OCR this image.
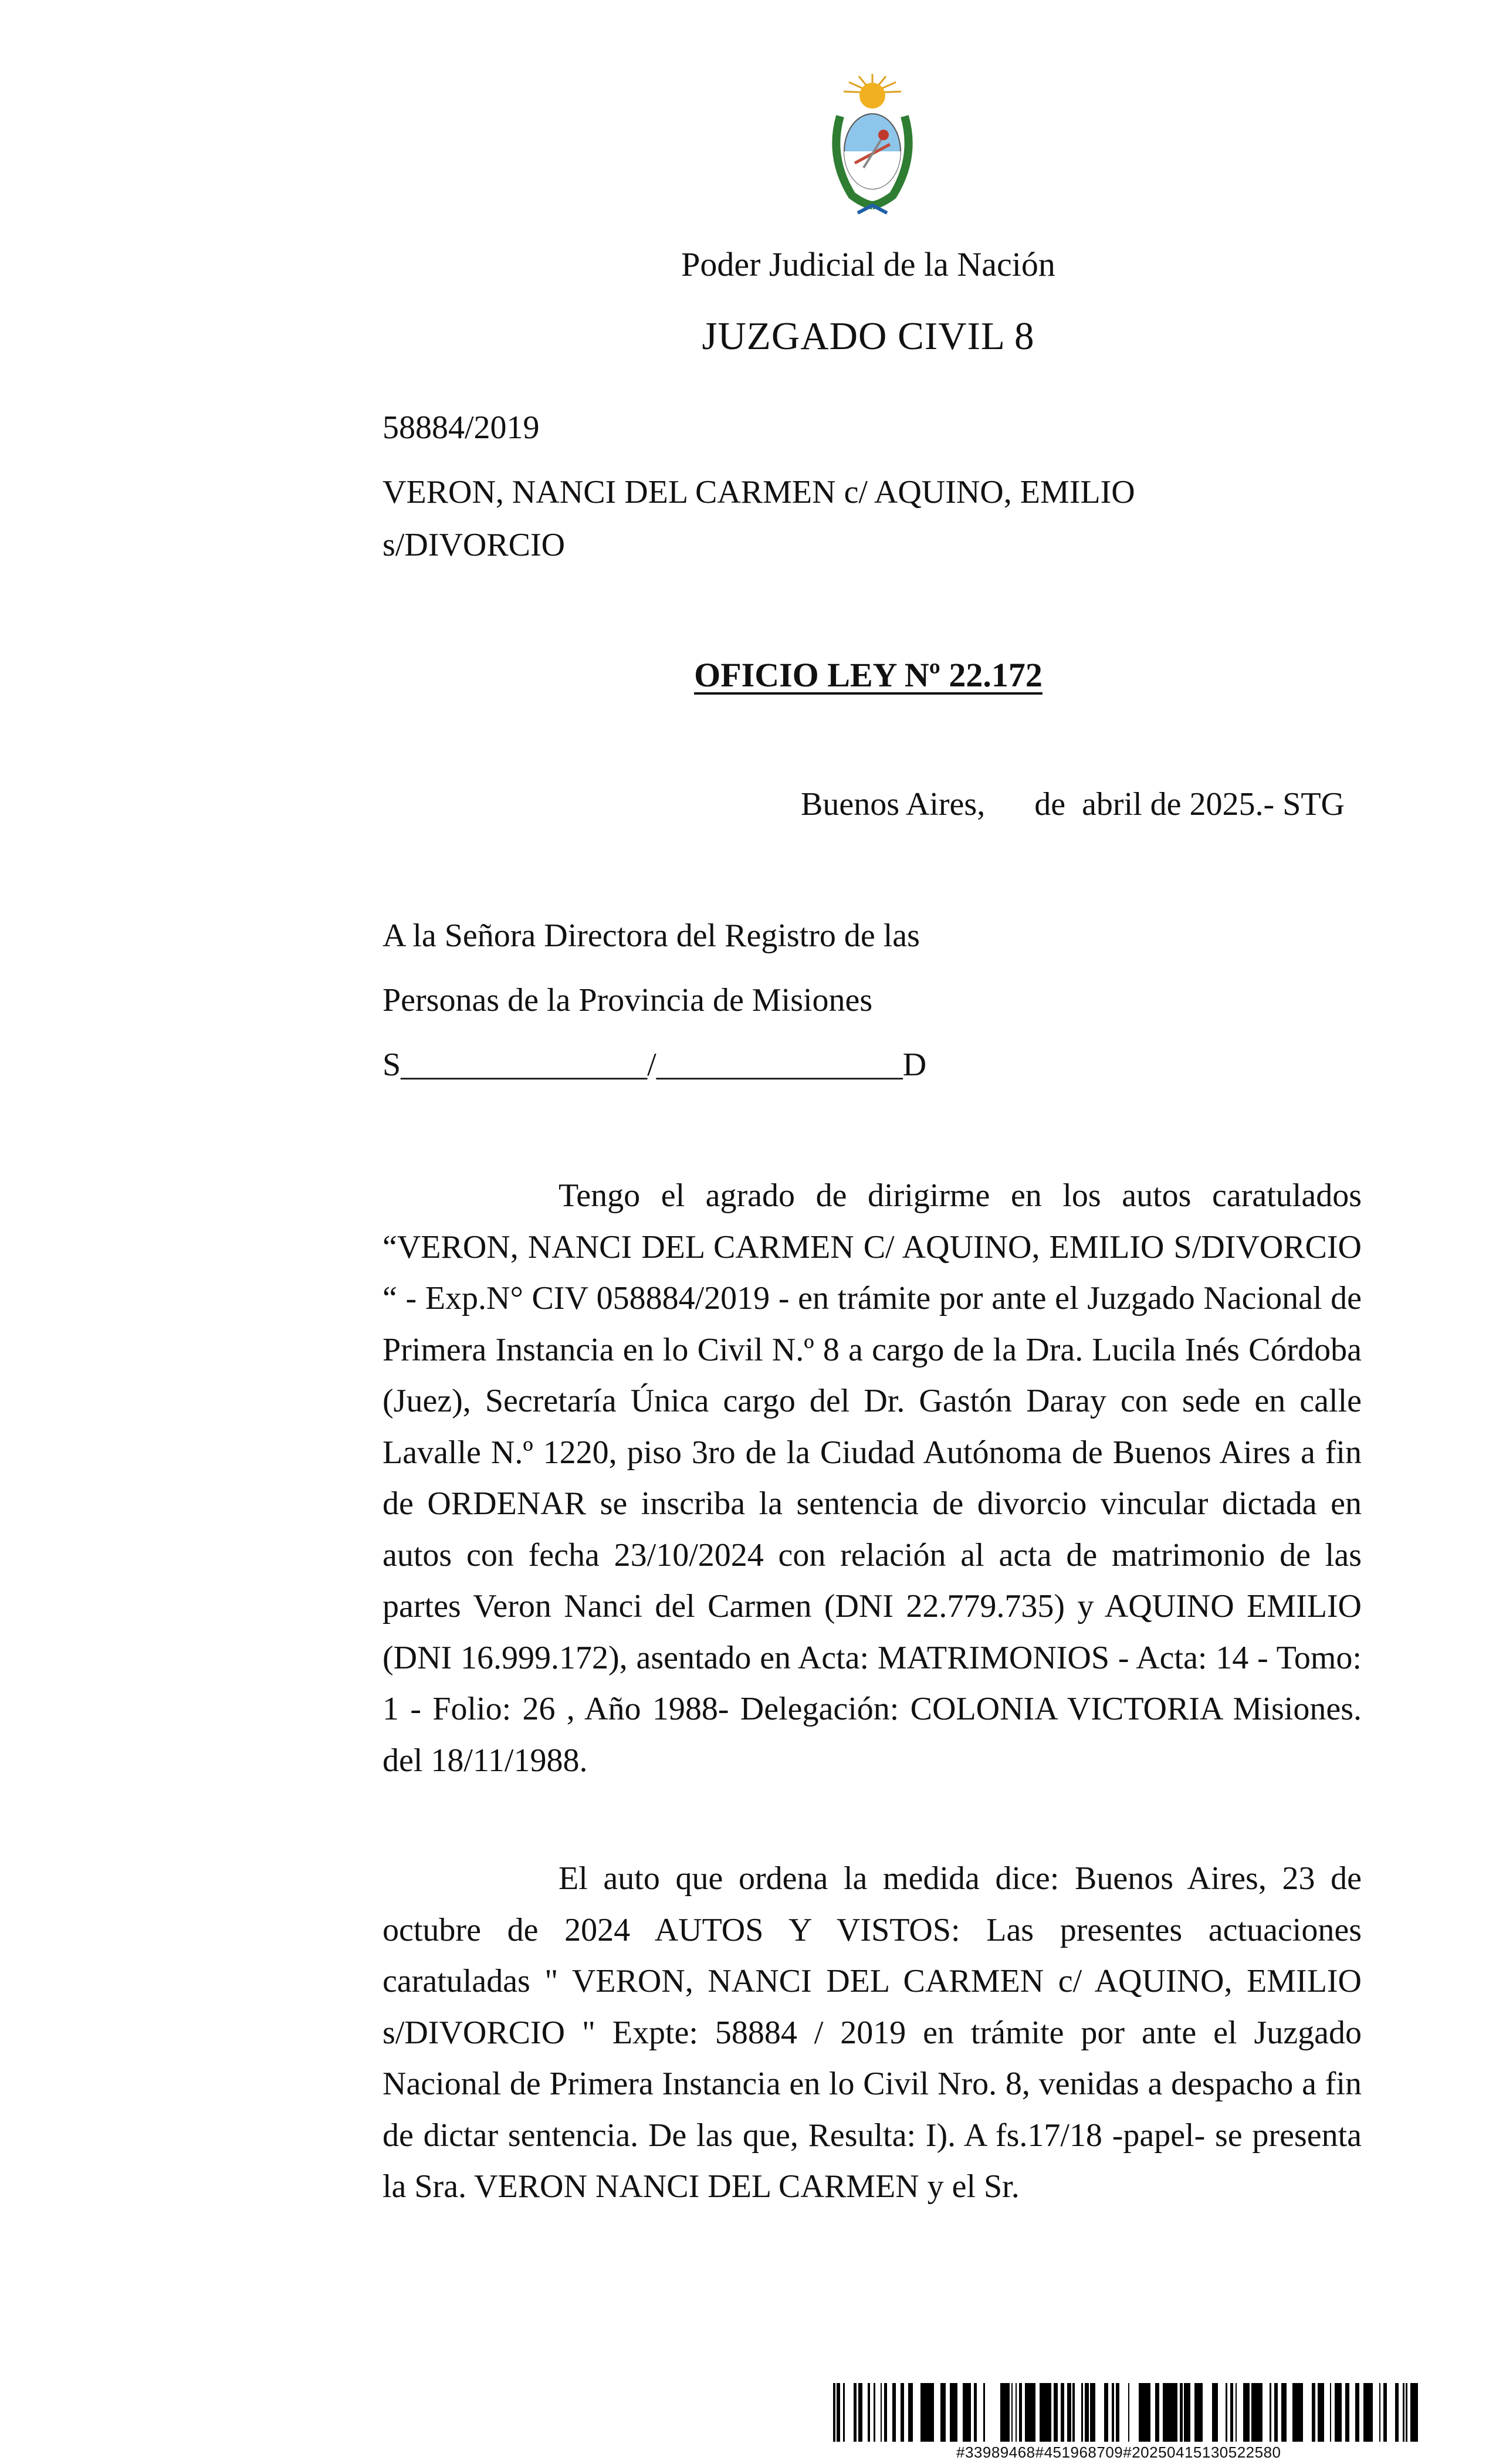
Poder Judicial de la Nación
JUZGADO CIVIL 8
58884/2019
VERON, NANCI DEL CARMEN c/ AQUINO, EMILIO
s/DIVORCIO
OFICIO LEY Nº 22.172
Buenos Aires,      de  abril de 2025.- STG
A la Señora Directora del Registro de las
Personas de la Provincia de Misiones
S_______________/_______________D

Tengo el agrado de dirigirme en los autos caratulados “VERON, NANCI DEL CARMEN C/ AQUINO, EMILIO S/DIVORCIO “ - Exp.N° CIV 058884/2019 - en trámite por ante el Juzgado Nacional de Primera Instancia en lo Civil N.º 8 a cargo de la Dra. Lucila Inés Córdoba (Juez), Secretaría Única cargo del Dr. Gastón Daray con sede en calle Lavalle N.º 1220, piso 3ro de la Ciudad Autónoma de Buenos Aires a fin de ORDENAR se inscriba la sentencia de divorcio vincular dictada en autos con fecha 23/10/2024 con relación al acta de matrimonio de las partes Veron Nanci del Carmen (DNI 22.779.735) y AQUINO EMILIO (DNI 16.999.172), asentado en Acta: MATRIMONIOS - Acta: 14 - Tomo: 1 - Folio: 26 , Año 1988- Delegación: COLONIA VICTORIA Misiones. del 18/11/1988.

El auto que ordena la medida dice: Buenos Aires, 23 de octubre de 2024 AUTOS Y VISTOS: Las presentes actuaciones caratuladas " VERON, NANCI DEL CARMEN c/ AQUINO, EMILIO s/DIVORCIO " Expte: 58884 / 2019 en trámite por ante el Juzgado Nacional de Primera Instancia en lo Civil Nro. 8, venidas a despacho a fin de dictar sentencia. De las que, Resulta: I). A fs.17/18 -papel- se presenta la Sra. VERON NANCI DEL CARMEN y el Sr.

#33989468#451968709#20250415130522580
